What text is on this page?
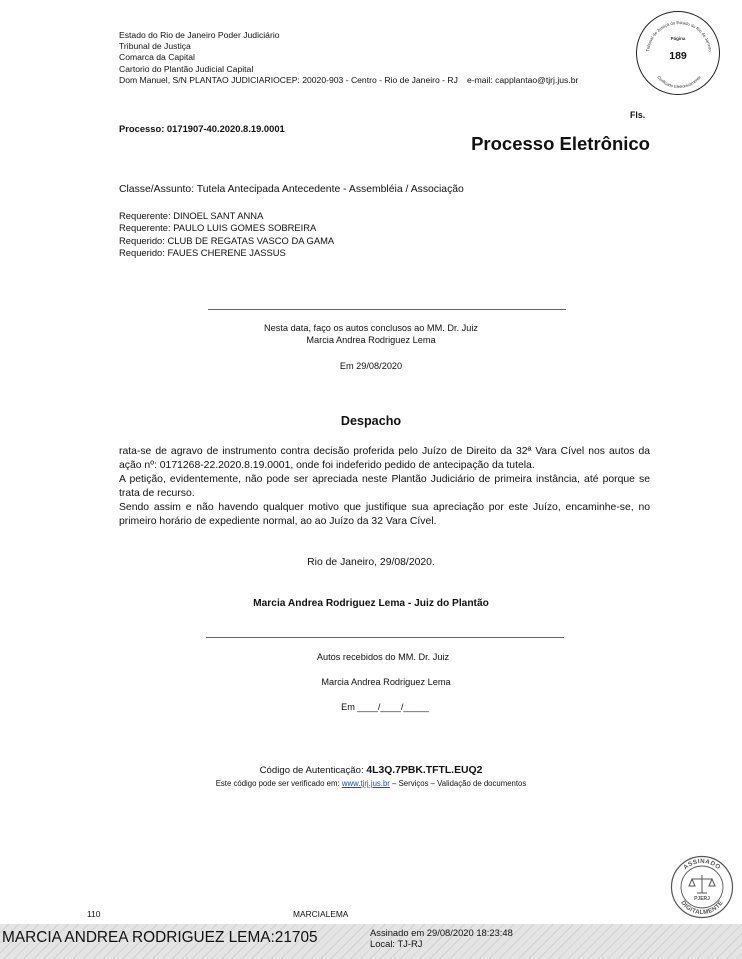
Estado do Rio de Janeiro Poder Judiciário
Tribunal de Justiça
Comarca da Capital
Cartorio do Plantão Judicial Capital
Dom Manuel, S/N PLANTAO JUDICIARIOCEP: 20020-903 - Centro - Rio de Janeiro - RJ e-mail: capplantao@tjrj.jus.br
Tribunal de Justiça do Estado do Rio de Janeiro
Cerificado Eletronicamente
Página
189
Fls.
Processo: 0171907-40.2020.8.19.0001
Processo Eletrônico
Classe/Assunto: Tutela Antecipada Antecedente - Assembléia / Associação
Requerente: DINOEL SANT ANNA
Requerente: PAULO LUIS GOMES SOBREIRA
Requerido: CLUB DE REGATAS VASCO DA GAMA
Requerido: FAUES CHERENE JASSUS
Nesta data, faço os autos conclusos ao MM. Dr. Juiz
Marcia Andrea Rodriguez Lema
Em 29/08/2020
Despacho

rata-se de agravo de instrumento contra decisão proferida pelo Juízo de Direito da 32ª Vara Cível nos autos da ação nº: 0171268-22.2020.8.19.0001, onde foi indeferido pedido de antecipação da tutela.

A petição, evidentemente, não pode ser apreciada neste Plantão Judiciário de primeira instância, até porque se trata de recurso.

Sendo assim e não havendo qualquer motivo que justifique sua apreciação por este Juízo, encaminhe-se, no primeiro horário de expediente normal, ao ao Juízo da 32 Vara Cível.

Rio de Janeiro, 29/08/2020.
Marcia Andrea Rodriguez Lema - Juiz do Plantão
Autos recebidos do MM. Dr. Juiz
Marcia Andrea Rodriguez Lema
Em ____/____/_____
Código de Autenticação: 4L3Q.7PBK.TFTL.EUQ2
Este código pode ser verificado em: www.tjrj.jus.br – Serviços – Validação de documentos
ASSINADO
DIGITALMENTE
PJERJ
110	MARCIALEMA
MARCIA ANDREA RODRIGUEZ LEMA:21705	Assinado em 29/08/2020 18:23:48
Local: TJ-RJ
